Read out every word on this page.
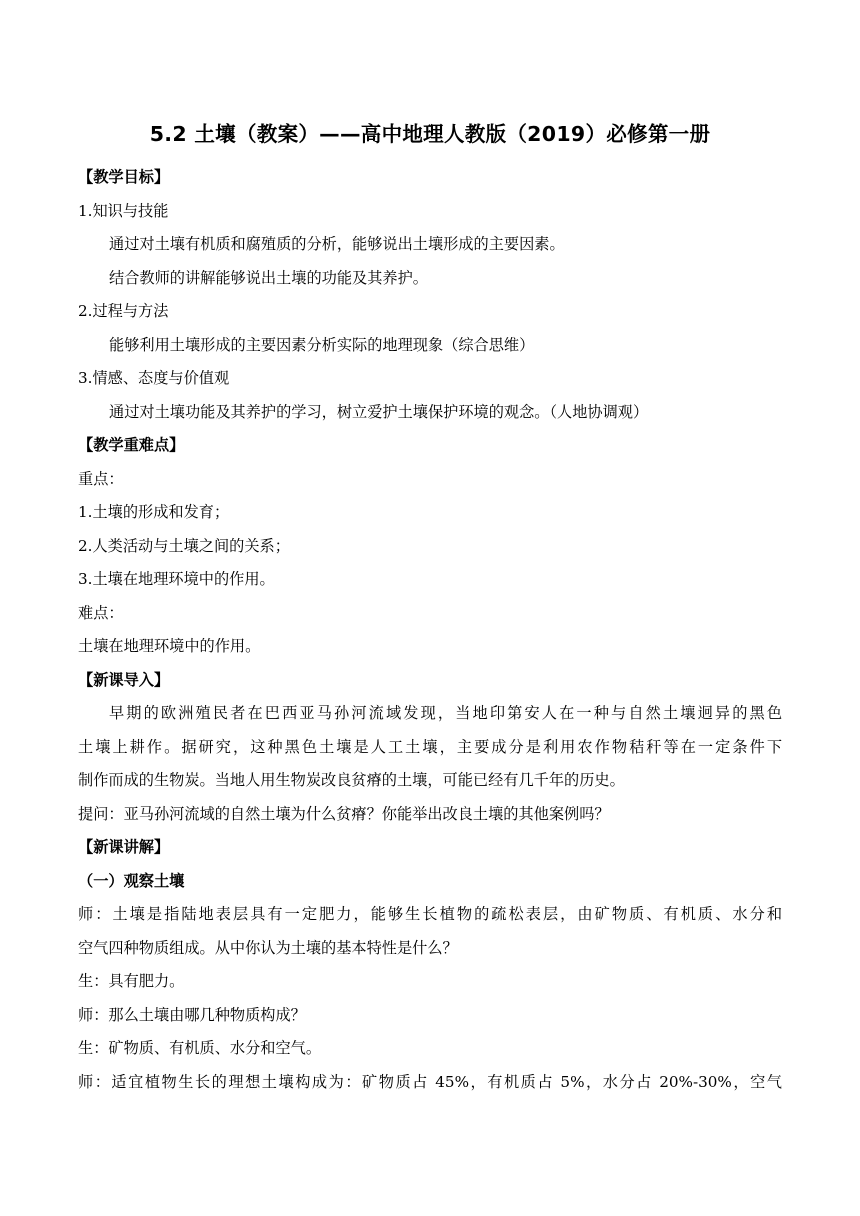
5.2 土壤（教案）——高中地理人教版（2019）必修第一册
【教学目标】
1.知识与技能
通过对土壤有机质和腐殖质的分析，能够说出土壤形成的主要因素。
结合教师的讲解能够说出土壤的功能及其养护。
2.过程与方法
能够利用土壤形成的主要因素分析实际的地理现象（综合思维）
3.情感、态度与价值观
通过对土壤功能及其养护的学习，树立爱护土壤保护环境的观念。（人地协调观）
【教学重难点】
重点：
1.土壤的形成和发育；
2.人类活动与土壤之间的关系；
3.土壤在地理环境中的作用。
难点：
土壤在地理环境中的作用。
【新课导入】
早期的欧洲殖民者在巴西亚马孙河流域发现，当地印第安人在一种与自然土壤迥异的黑色
土壤上耕作。据研究，这种黑色土壤是人工土壤，主要成分是利用农作物秸秆等在一定条件下
制作而成的生物炭。当地人用生物炭改良贫瘠的土壤，可能已经有几千年的历史。
提问：亚马孙河流域的自然土壤为什么贫瘠？你能举出改良土壤的其他案例吗？
【新课讲解】
（一）观察土壤
师：土壤是指陆地表层具有一定肥力，能够生长植物的疏松表层，由矿物质、有机质、水分和
空气四种物质组成。从中你认为土壤的基本特性是什么？
生：具有肥力。
师：那么土壤由哪几种物质构成？
生：矿物质、有机质、水分和空气。
师：适宜植物生长的理想土壤构成为：矿物质占 45%，有机质占 5%，水分占 20%-30%，空气
